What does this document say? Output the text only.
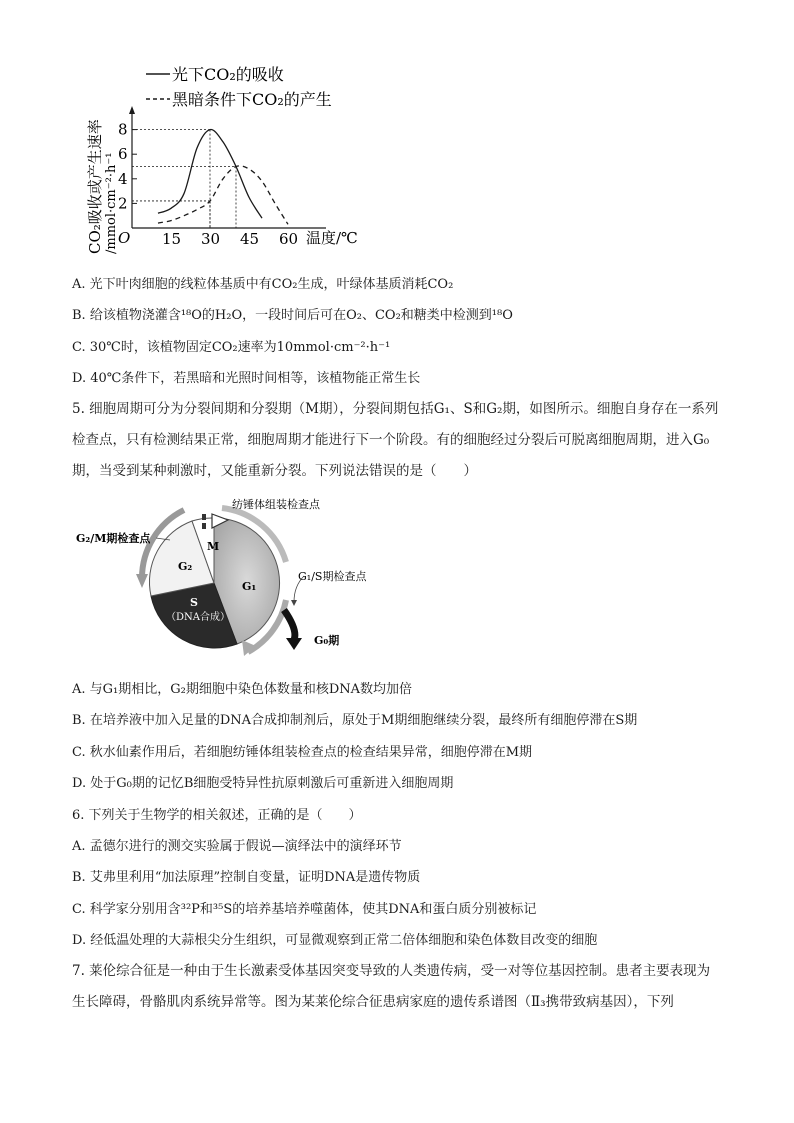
光下CO₂的吸收
黑暗条件下CO₂的产生
CO₂吸收或产生速率 /mmol·cm⁻²·h⁻¹ 2
4
6
8
15 30 45 60
O	温度/℃
A. 光下叶肉细胞的线粒体基质中有CO₂生成，叶绿体基质消耗CO₂
B. 给该植物浇灌含¹⁸O的H₂O，一段时间后可在O₂、CO₂和糖类中检测到¹⁸O
C. 30℃时，该植物固定CO₂速率为10mmol·cm⁻²·h⁻¹
D. 40℃条件下，若黑暗和光照时间相等，该植物能正常生长
5. 细胞周期可分为分裂间期和分裂期（M期），分裂间期包括G₁、S和G₂期，如图所示。细胞自身存在一系列检查点，只有检测结果正常，细胞周期才能进行下一个阶段。有的细胞经过分裂后可脱离细胞周期，进入G₀期，当受到某种刺激时，又能重新分裂。下列说法错误的是（　　）
纺锤体组装检查点
G₂/M期检查点
G₁/S期检查点
M
G₂
G₁
S
（DNA合成）
G₀期
A. 与G₁期相比，G₂期细胞中染色体数量和核DNA数均加倍
B. 在培养液中加入足量的DNA合成抑制剂后，原处于M期细胞继续分裂，最终所有细胞停滞在S期
C. 秋水仙素作用后，若细胞纺锤体组装检查点的检查结果异常，细胞停滞在M期
D. 处于G₀期的记忆B细胞受特异性抗原刺激后可重新进入细胞周期
6. 下列关于生物学的相关叙述，正确的是（　　）
A. 孟德尔进行的测交实验属于假说—演绎法中的演绎环节
B. 艾弗里利用“加法原理”控制自变量，证明DNA是遗传物质
C. 科学家分别用含³²P和³⁵S的培养基培养噬菌体，使其DNA和蛋白质分别被标记
D. 经低温处理的大蒜根尖分生组织，可显微观察到正常二倍体细胞和染色体数目改变的细胞
7. 莱伦综合征是一种由于生长激素受体基因突变导致的人类遗传病，受一对等位基因控制。患者主要表现为生长障碍，骨骼肌肉系统异常等。图为某莱伦综合征患病家庭的遗传系谱图（Ⅱ₃携带致病基因），下列
